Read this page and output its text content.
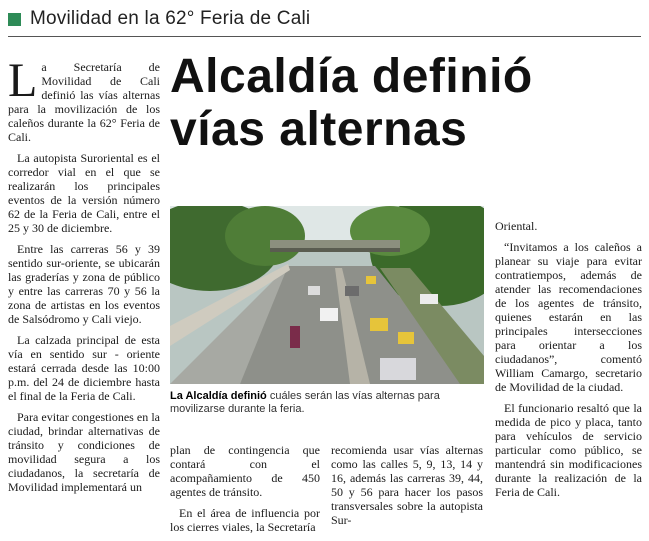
Movilidad en la 62° Feria de Cali

La Secretaría de Movilidad de Cali definió las vías alternas para la movilización de los caleños durante la 62° Feria de Cali.

La autopista Suroriental es el corredor vial en el que se realizarán los principales eventos de la versión número 62 de la Feria de Cali, entre el 25 y 30 de diciembre.

Entre las carreras 56 y 39 sentido sur-oriente, se ubicarán las graderías y zona de público y entre las carreras 70 y 56 la zona de artistas en los eventos de Salsódromo y Cali viejo.

La calzada principal de esta vía en sentido sur - oriente estará cerrada desde las 10:00 p.m. del 24 de diciembre hasta el final de la Feria de Cali.

Para evitar congestiones en la ciudad, brindar alternativas de tránsito y condiciones de movilidad segura a los ciudadanos, la secretaría de Movilidad implementará un

Alcaldía definió
vías alternas
La Alcaldía definió cuáles serán las vías alternas para movilizarse durante la feria.

plan de contingencia que contará con el acompañamiento de 450 agentes de tránsito.

En el área de influencia por los cierres viales, la Secretaría

recomienda usar vías alternas como las calles 5, 9, 13, 14 y 16, además las carreras 39, 44, 50 y 56 para hacer los pasos transversales sobre la autopista Sur-

Oriental.

“Invitamos a los caleños a planear su viaje para evitar contratiempos, además de atender las recomendaciones de los agentes de tránsito, quienes estarán en las principales intersecciones para orientar a los ciudadanos”, comentó William Camargo, secretario de Movilidad de la ciudad.

El funcionario resaltó que la medida de pico y placa, tanto para vehículos de servicio particular como público, se mantendrá sin modificaciones durante la realización de la Feria de Cali.
